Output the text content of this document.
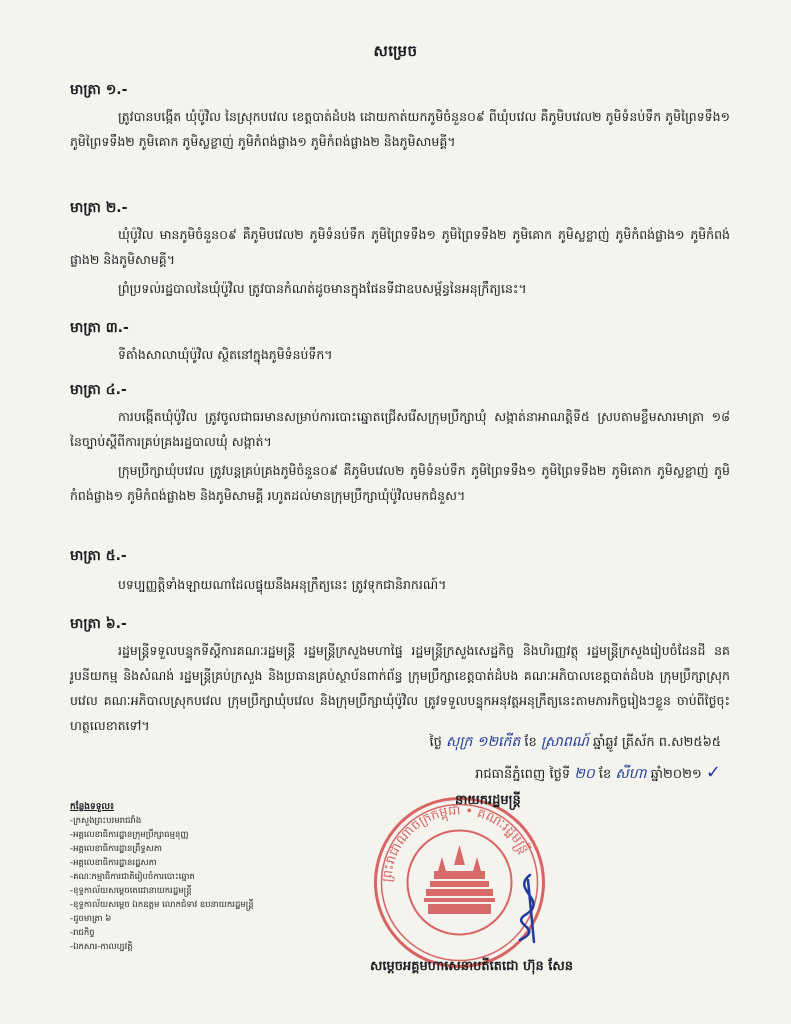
សម្រេច
មាត្រា ១.-
ត្រូវបានបង្កើត ឃុំប៉ូវិល នៃស្រុកបវេល ខេត្តបាត់ដំបង ដោយកាត់យកភូមិចំនួន០៩ ពីឃុំបវេល គឺភូមិបវេល២ ភូមិទំនប់ទឹក ភូមិព្រៃទទឹង១ ភូមិព្រៃទទឹង២ ភូមិគោក ភូមិស្លខ្លាញ់ ភូមិកំពង់ផ្លាង១ ភូមិកំពង់ផ្លាង២ និងភូមិសាមគ្គី។
មាត្រា ២.-
ឃុំប៉ូវិល មានភូមិចំនួន០៩ គឺភូមិបវេល២ ភូមិទំនប់ទឹក ភូមិព្រៃទទឹង១ ភូមិព្រៃទទឹង២ ភូមិគោក ភូមិស្លខ្លាញ់ ភូមិកំពង់ផ្លាង១ ភូមិកំពង់ផ្លាង២ និងភូមិសាមគ្គី។
ព្រំប្រទល់រដ្ឋបាលនៃឃុំប៉ូវិល ត្រូវបានកំណត់ដូចមានក្នុងផែនទីជាឧបសម្ព័ន្ធនៃអនុក្រឹត្យនេះ។
មាត្រា ៣.-
ទីតាំងសាលាឃុំប៉ូវិល ស្ថិតនៅក្នុងភូមិទំនប់ទឹក។
មាត្រា ៤.-
ការបង្កើតឃុំប៉ូវិល ត្រូវចូលជាធរមានសម្រាប់ការបោះឆ្នោតជ្រើសរើសក្រុមប្រឹក្សាឃុំ សង្កាត់នាអាណត្តិទី៥ ស្របតាមខ្លឹមសារមាត្រា ១៨ នៃច្បាប់ស្តីពីការគ្រប់គ្រងរដ្ឋបាលឃុំ សង្កាត់។
ក្រុមប្រឹក្សាឃុំបវេល ត្រូវបន្តគ្រប់គ្រងភូមិចំនួន០៩ គឺភូមិបវេល២ ភូមិទំនប់ទឹក ភូមិព្រៃទទឹង១ ភូមិព្រៃទទឹង២ ភូមិគោក ភូមិស្លខ្លាញ់ ភូមិកំពង់ផ្លាង១ ភូមិកំពង់ផ្លាង២ និងភូមិសាមគ្គី រហូតដល់មានក្រុមប្រឹក្សាឃុំប៉ូវិលមកជំនួស។
មាត្រា ៥.-
បទប្បញ្ញត្តិទាំងឡាយណាដែលផ្ទុយនឹងអនុក្រឹត្យនេះ ត្រូវទុកជានិរាករណ៍។
មាត្រា ៦.-
រដ្ឋមន្ត្រីទទួលបន្ទុកទីស្តីការគណៈរដ្ឋមន្ត្រី រដ្ឋមន្ត្រីក្រសួងមហាផ្ទៃ រដ្ឋមន្ត្រីក្រសួងសេដ្ឋកិច្ច និងហិរញ្ញវត្ថុ រដ្ឋមន្ត្រីក្រសួងរៀបចំដែនដី នគរូបនីយកម្ម និងសំណង់ រដ្ឋមន្ត្រីគ្រប់ក្រសួង និងប្រធានគ្រប់ស្ថាប័នពាក់ព័ន្ធ ក្រុមប្រឹក្សាខេត្តបាត់ដំបង គណៈអភិបាលខេត្តបាត់ដំបង ក្រុមប្រឹក្សាស្រុកបវេល គណៈអភិបាលស្រុកបវេល ក្រុមប្រឹក្សាឃុំបវេល និងក្រុមប្រឹក្សាឃុំប៉ូវិល ត្រូវទទួលបន្ទុកអនុវត្តអនុក្រឹត្យនេះតាមភារកិច្ចរៀងៗខ្លួន ចាប់ពីថ្ងៃចុះហត្ថលេខាតទៅ។
ថ្ងៃ សុក្រ ១២កើត ខែ ស្រាពណ៍ ឆ្នាំឆ្លូវ ត្រីស័ក ព.ស២៥៦៥
រាជធានីភ្នំពេញ ថ្ងៃទី ២០ ខែ សីហា ឆ្នាំ២០២១ ✓
កន្លែងទទួល៖
-ក្រសួងព្រះបរមរាជវាំង
-អគ្គលេខាធិការដ្ឋានក្រុមប្រឹក្សាធម្មនុញ្ញ
-អគ្គលេខាធិការដ្ឋានព្រឹទ្ធសភា
-អគ្គលេខាធិការដ្ឋានរដ្ឋសភា
-គណៈកម្មាធិការជាតិរៀបចំការបោះឆ្នោត
-ខុទ្ទកាល័យសម្តេចតេជោនាយករដ្ឋមន្ត្រី
-ខុទ្ទកាល័យសម្តេច ឯកឧត្តម លោកជំទាវ ឧបនាយករដ្ឋមន្ត្រី
-ដូចមាត្រា ៦
-រាជកិច្ច
-ឯកសារ-កាលប្បវត្តិ
ព្រះរាជាណាចក្រកម្ពុជា • គណៈរដ្ឋមន្ត្រី
នាយករដ្ឋមន្ត្រី
សម្តេចអគ្គមហាសេនាបតីតេជោ ហ៊ុន សែន
